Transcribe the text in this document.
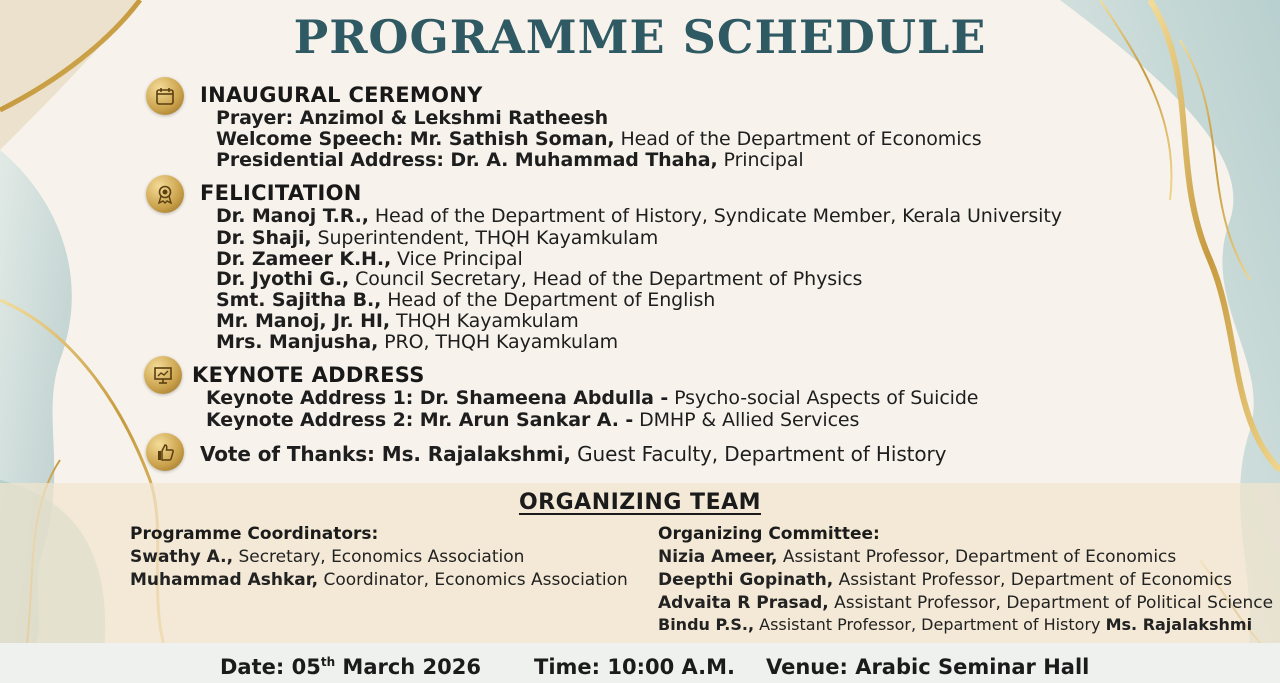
PROGRAMME SCHEDULE
INAUGURAL CEREMONY
Prayer: Anzimol & Lekshmi Ratheesh
Welcome Speech: Mr. Sathish Soman, Head of the Department of Economics
Presidential Address: Dr. A. Muhammad Thaha, Principal
FELICITATION
Dr. Manoj T.R., Head of the Department of History, Syndicate Member, Kerala University
Dr. Shaji, Superintendent, THQH Kayamkulam
Dr. Zameer K.H., Vice Principal
Dr. Jyothi G., Council Secretary, Head of the Department of Physics
Smt. Sajitha B., Head of the Department of English
Mr. Manoj, Jr. HI, THQH Kayamkulam
Mrs. Manjusha, PRO, THQH Kayamkulam
KEYNOTE ADDRESS
Keynote Address 1: Dr. Shameena Abdulla - Psycho-social Aspects of Suicide
Keynote Address 2: Mr. Arun Sankar A. - DMHP & Allied Services
Vote of Thanks: Ms. Rajalakshmi, Guest Faculty, Department of History
ORGANIZING TEAM
Programme Coordinators:
Swathy A., Secretary, Economics Association
Muhammad Ashkar, Coordinator, Economics Association
Organizing Committee:
Nizia Ameer, Assistant Professor, Department of Economics
Deepthi Gopinath, Assistant Professor, Department of Economics
Advaita R Prasad, Assistant Professor, Department of Political Science
Bindu P.S., Assistant Professor, Department of History Ms. Rajalakshmi
Date: 05th March 2026	Time: 10:00 A.M. Venue: Arabic Seminar Hall
